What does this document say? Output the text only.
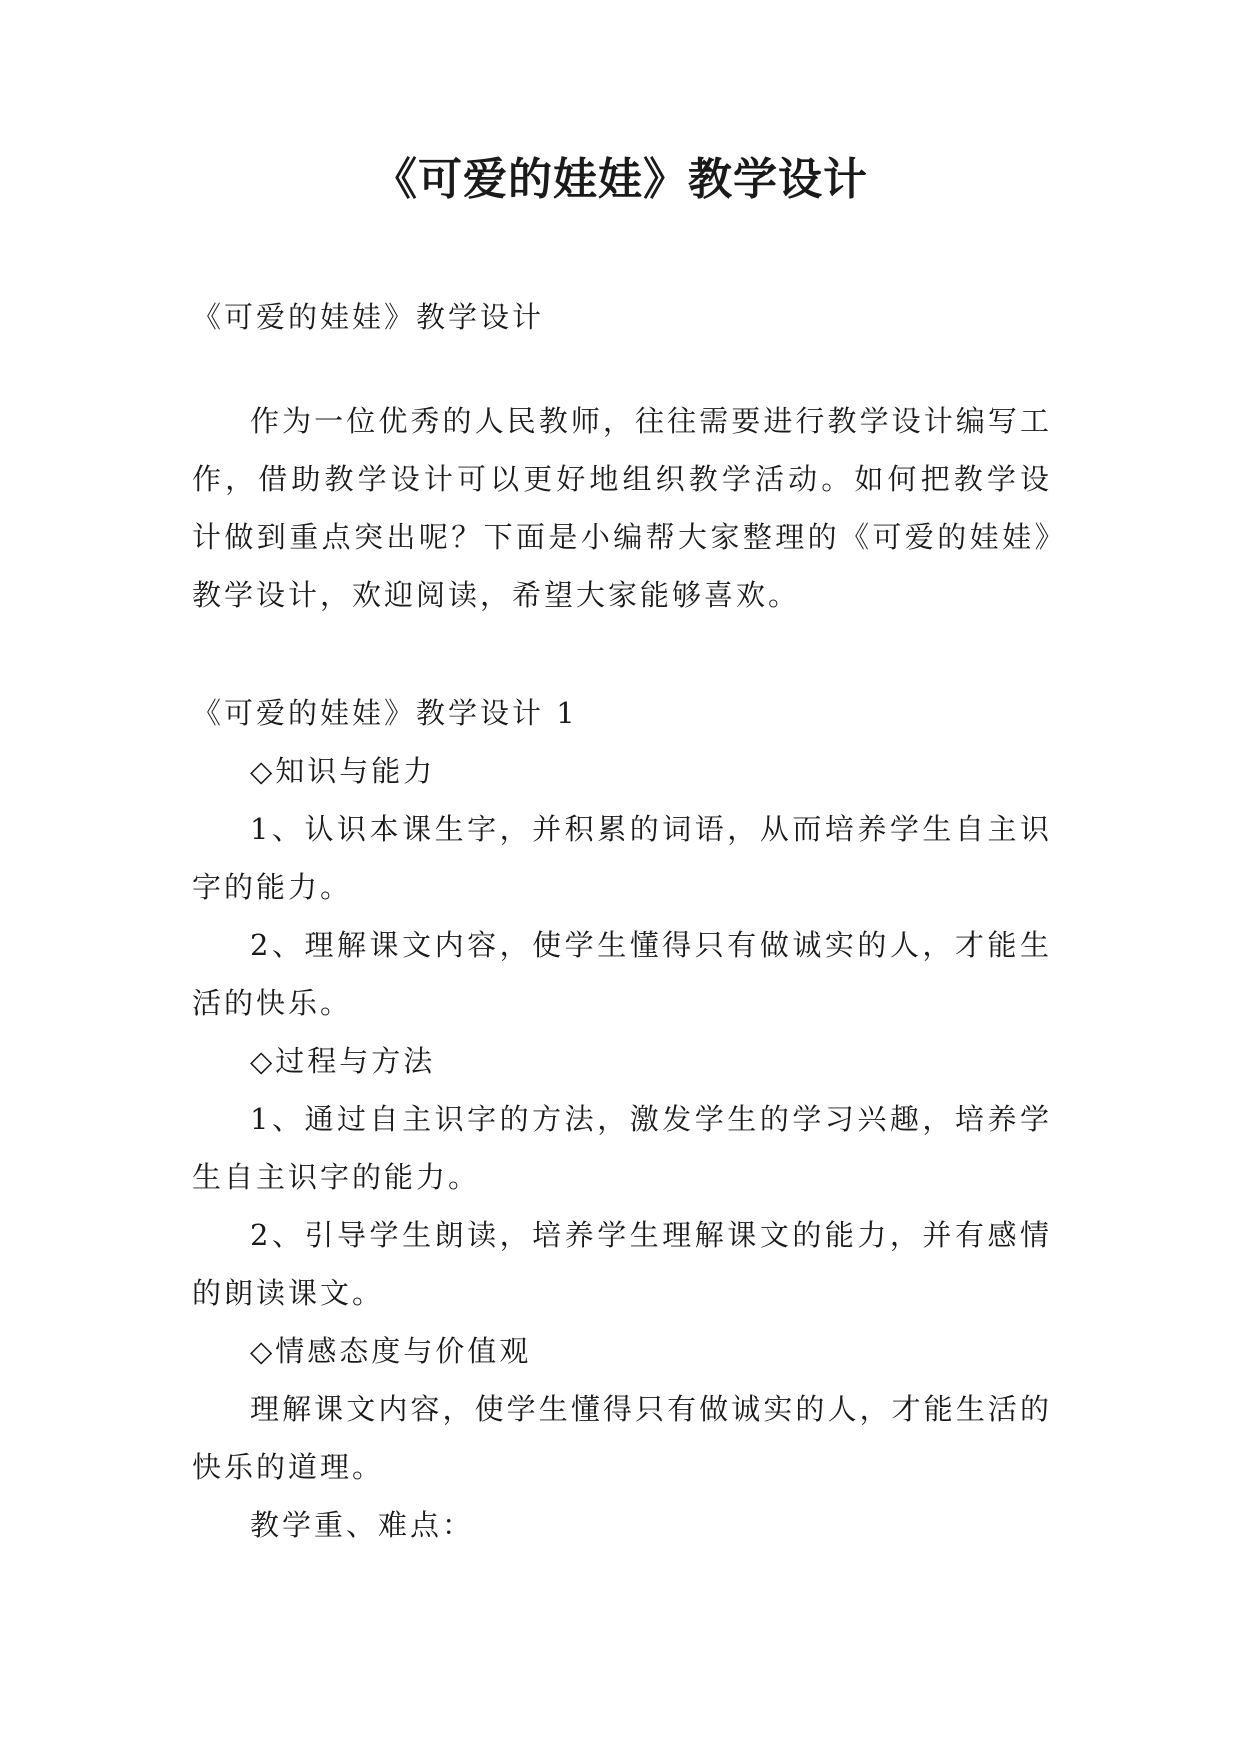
《可爱的娃娃》教学设计

《可爱的娃娃》教学设计

作为一位优秀的人民教师，往往需要进行教学设计编写工作，借助教学设计可以更好地组织教学活动。如何把教学设计做到重点突出呢？下面是小编帮大家整理的《可爱的娃娃》教学设计，欢迎阅读，希望大家能够喜欢。

《可爱的娃娃》教学设计 1

◇知识与能力

1、认识本课生字，并积累的词语，从而培养学生自主识字的能力。

2、理解课文内容，使学生懂得只有做诚实的人，才能生活的快乐。

◇过程与方法

1、通过自主识字的方法，激发学生的学习兴趣，培养学生自主识字的能力。

2、引导学生朗读，培养学生理解课文的能力，并有感情的朗读课文。

◇情感态度与价值观

理解课文内容，使学生懂得只有做诚实的人，才能生活的快乐的道理。

教学重、难点：
